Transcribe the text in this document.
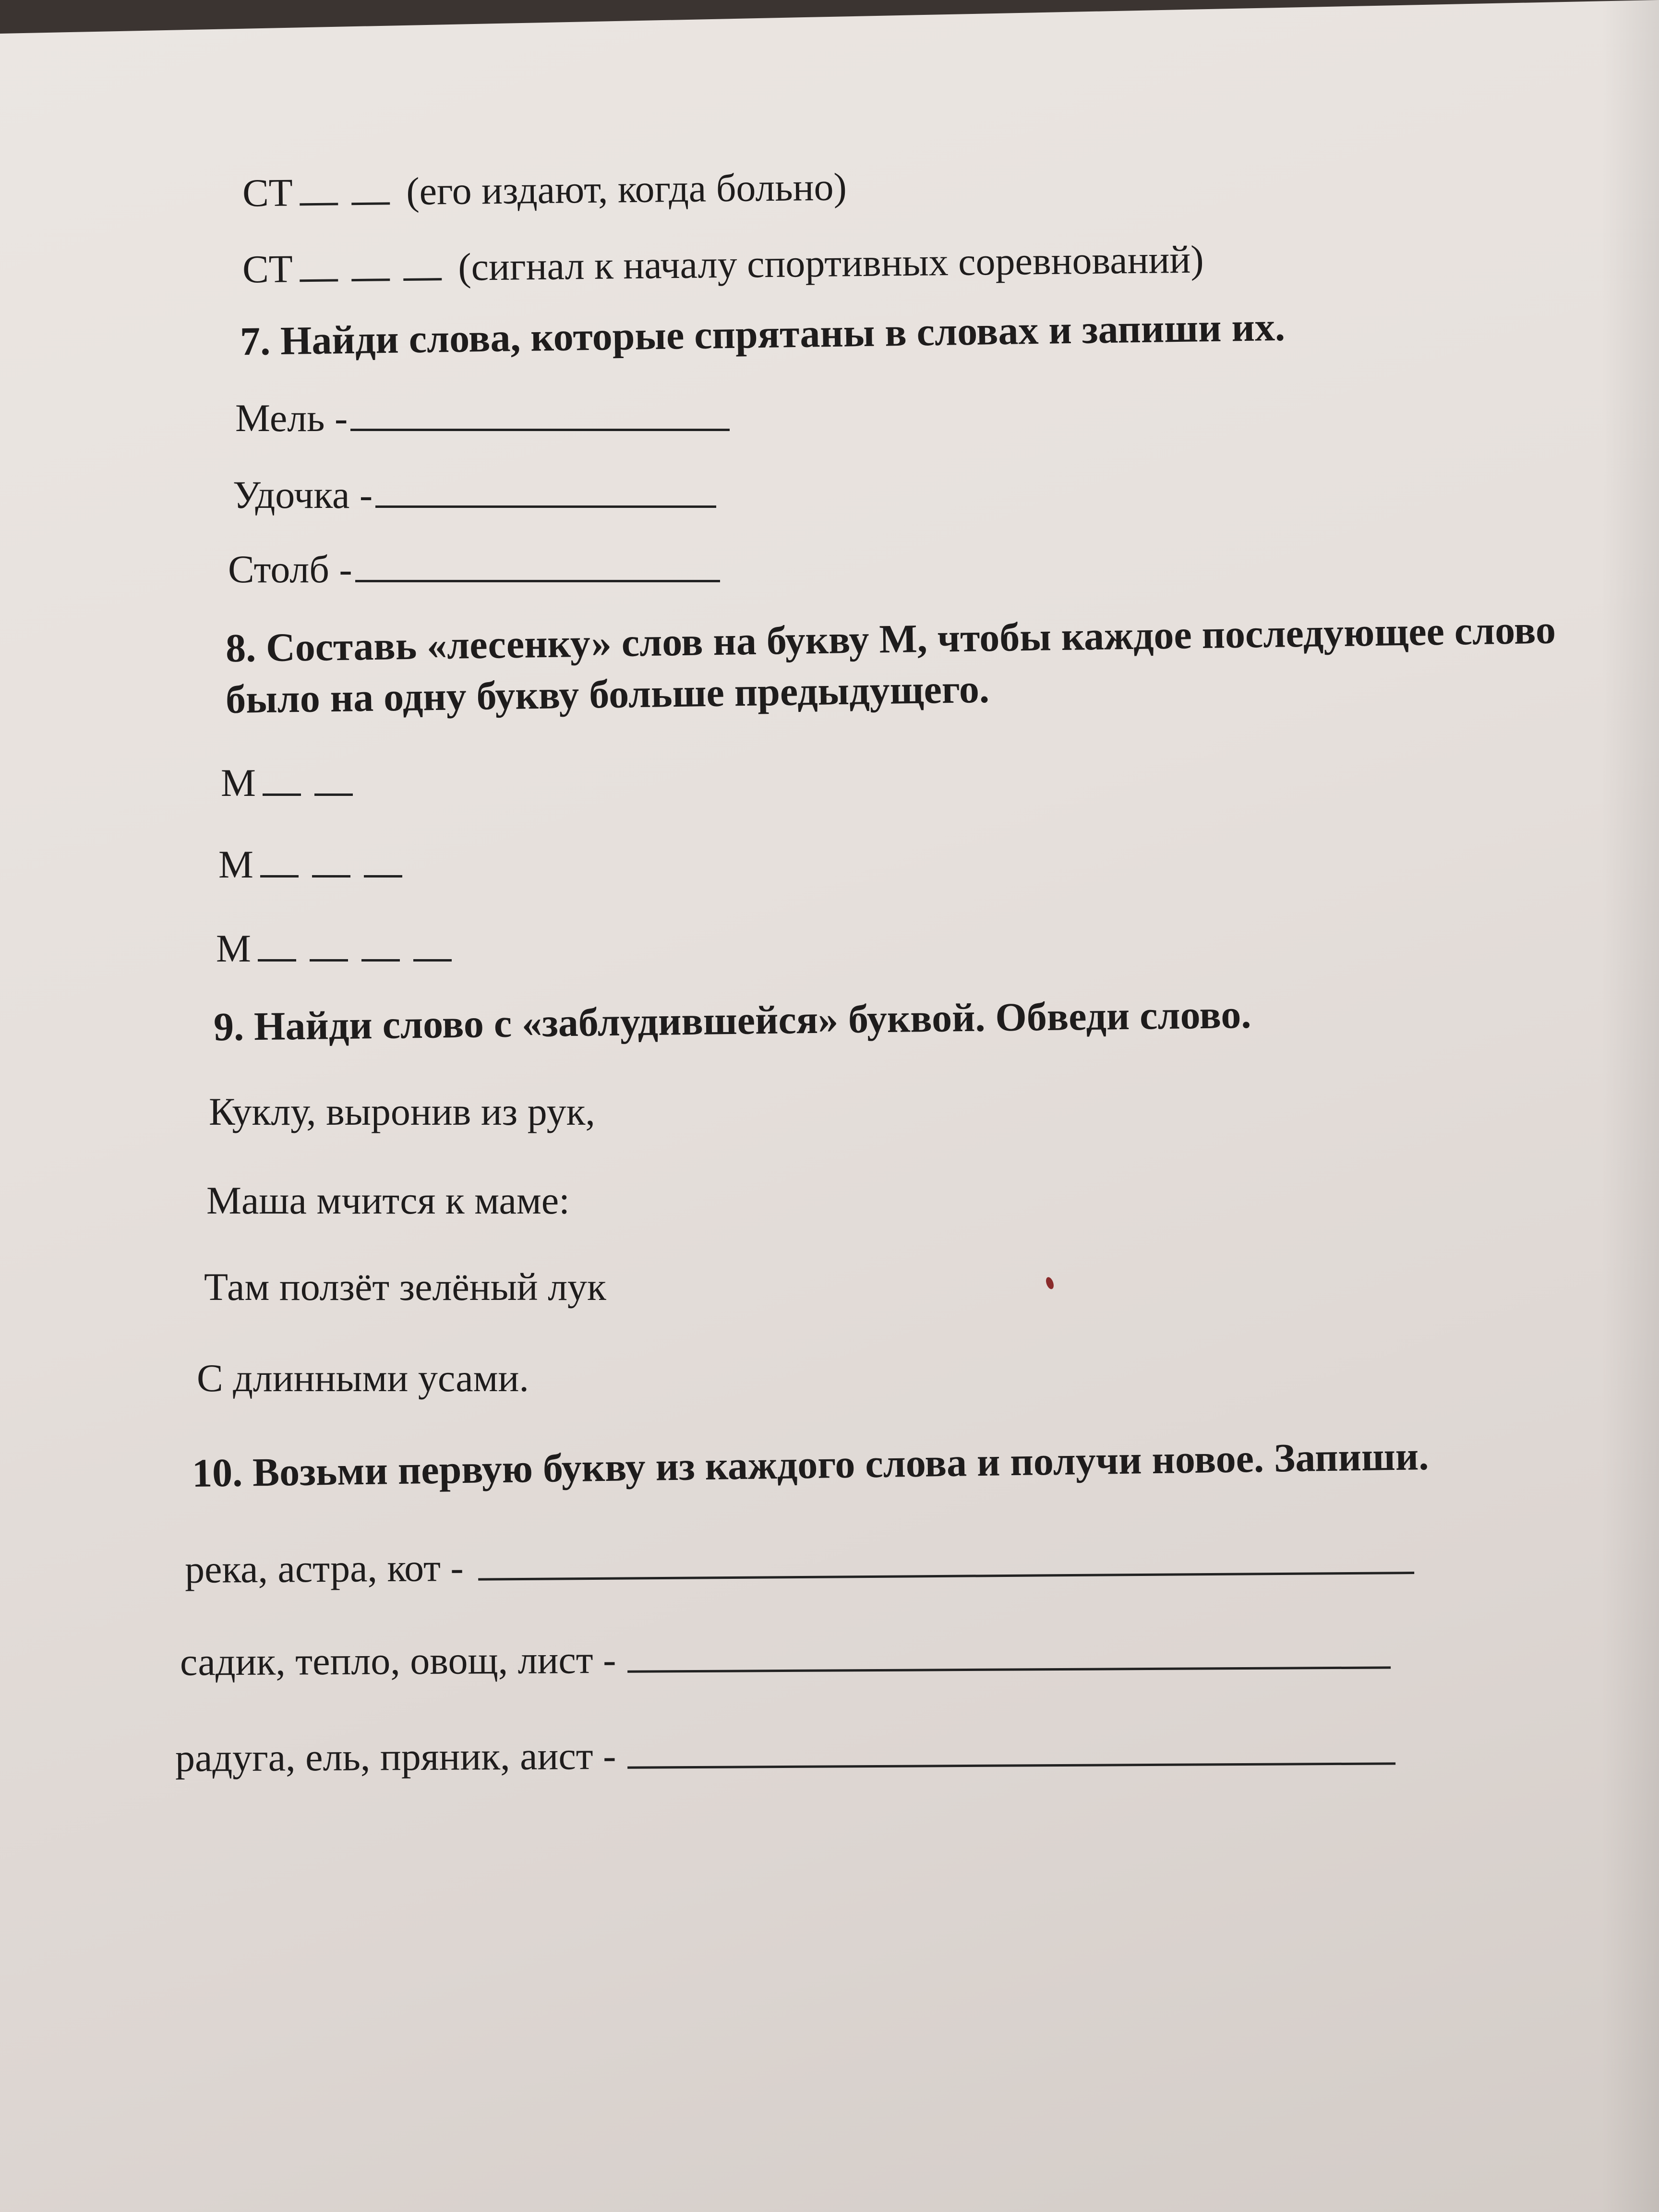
СТ	(его издают, когда больно)
СТ	(сигнал к началу спортивных соревнований)
7. Найди слова, которые спрятаны в словах и запиши их.
Мель -
Удочка -
Столб -
8. Составь «лесенку» слов на букву М, чтобы каждое последующее слово
было на одну букву больше предыдущего.
М
М
М
9. Найди слово с «заблудившейся» буквой. Обведи слово.
Куклу, выронив из рук,
Маша мчится к маме:
Там ползёт зелёный лук
С длинными усами.
10. Возьми первую букву из каждого слова и получи новое. Запиши.
река, астра, кот -
садик, тепло, овощ, лист -
радуга, ель, пряник, аист -
